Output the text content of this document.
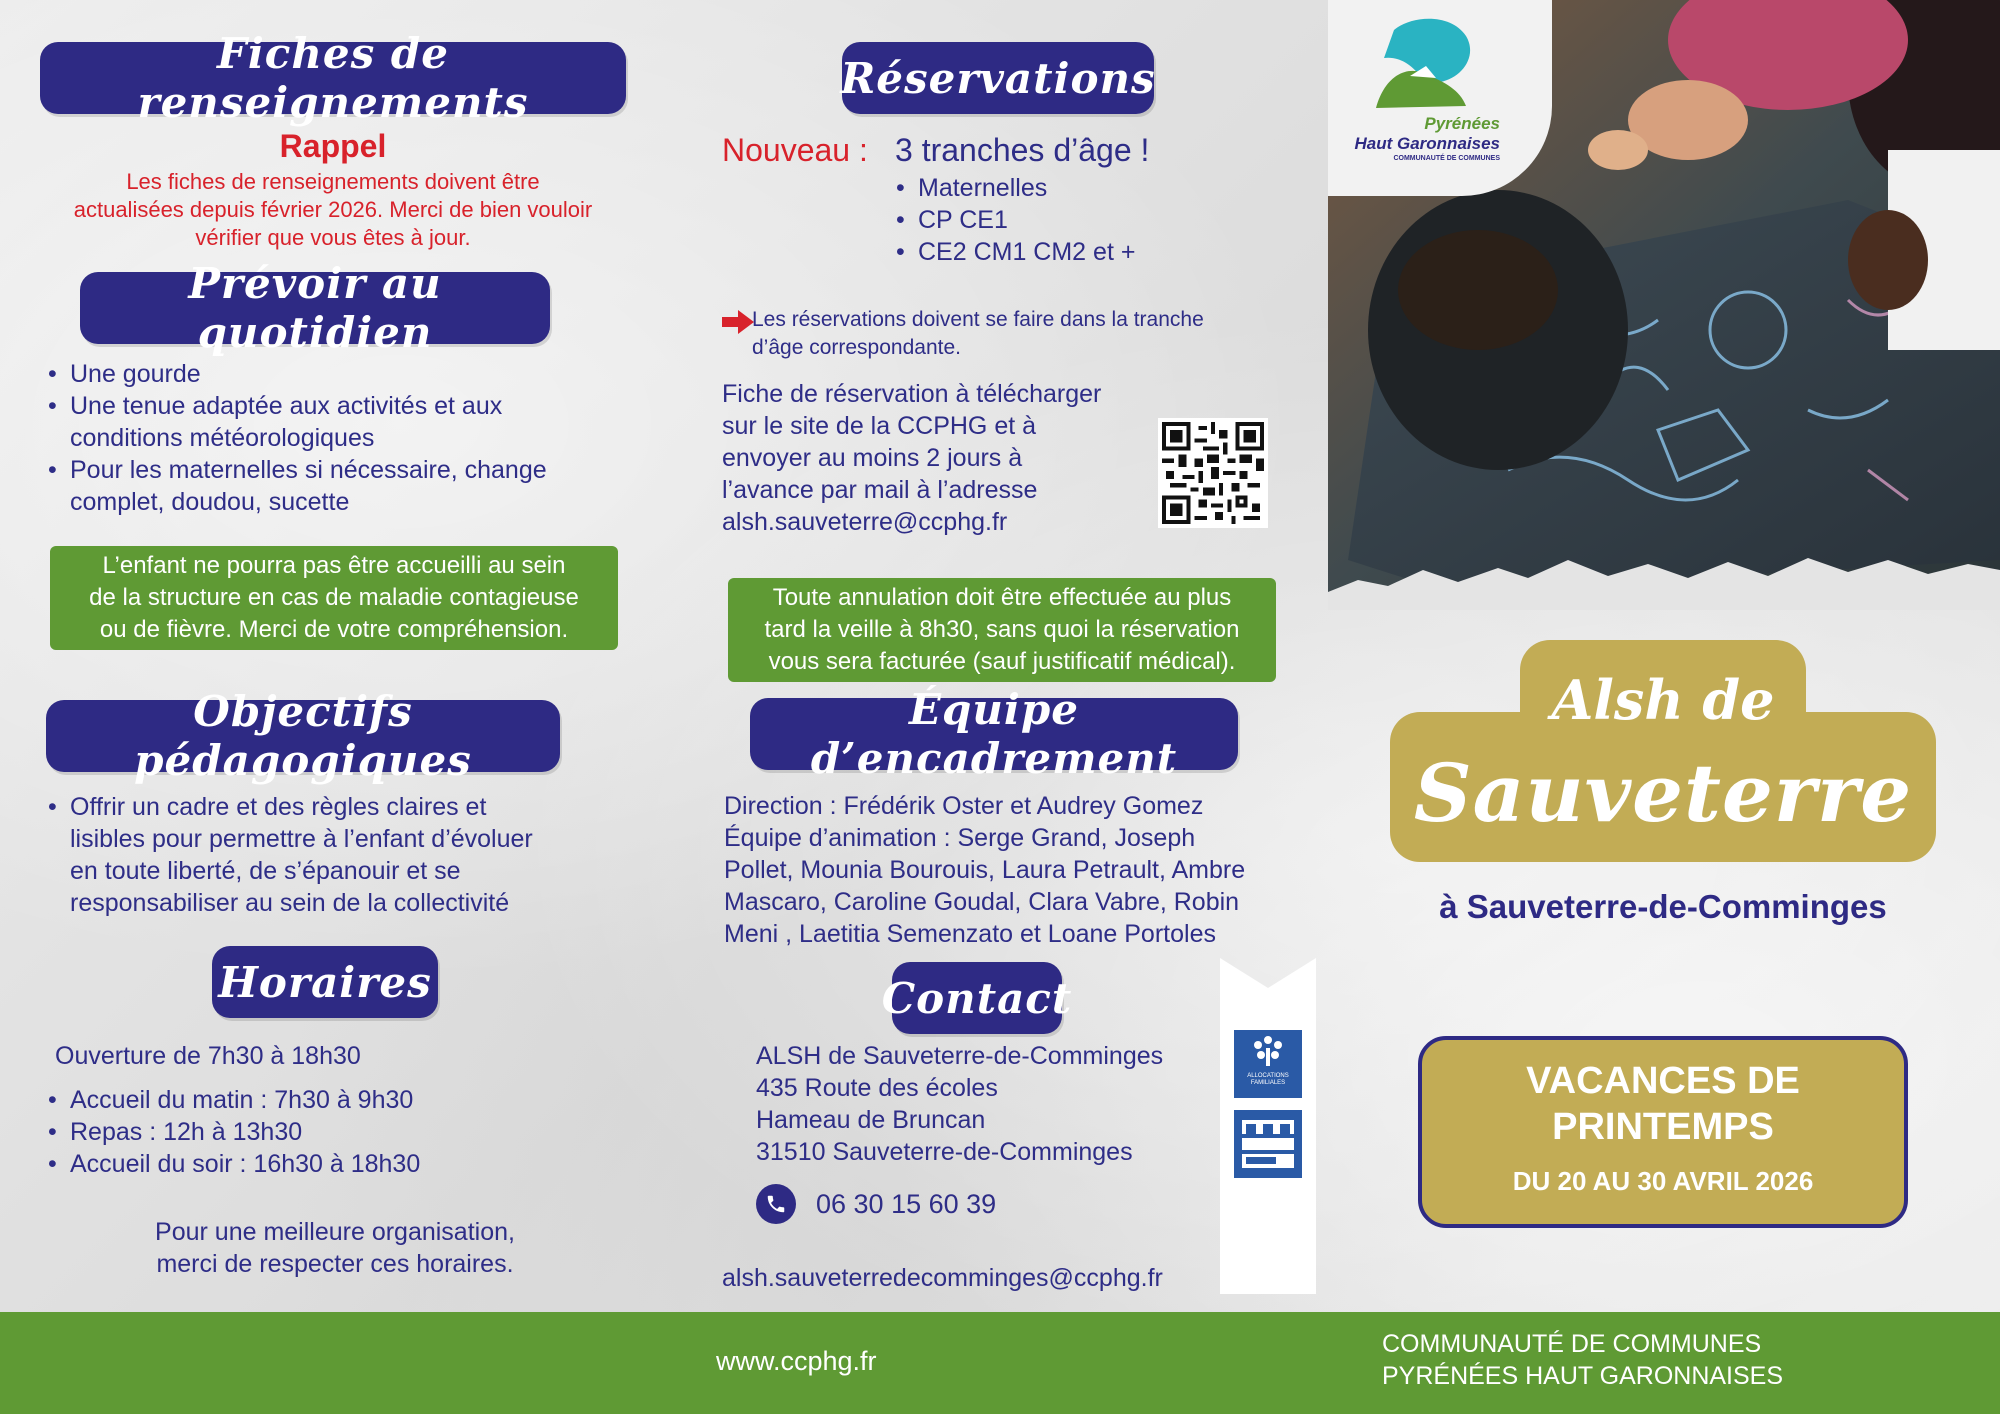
Fiches de renseignements
Rappel
Les fiches de renseignements doivent être
actualisées depuis février 2026. Merci de bien vouloir
vérifier que vous êtes à jour.
Prévoir au quotidien
• Une gourde
• Une tenue adaptée aux activités et aux
conditions météorologiques
• Pour les maternelles si nécessaire, change
complet, doudou, sucette
L’enfant ne pourra pas être accueilli au sein
de la structure en cas de maladie contagieuse
ou de fièvre. Merci de votre compréhension.
Objectifs pédagogiques
• Offrir un cadre et des règles claires et
lisibles pour permettre à l’enfant d’évoluer
en toute liberté, de s’épanouir et se
responsabiliser au sein de la collectivité
Horaires
Ouverture de 7h30 à 18h30
• Accueil du matin : 7h30 à 9h30
• Repas : 12h à 13h30
• Accueil du soir : 16h30 à 18h30
Pour une meilleure organisation,
merci de respecter ces horaires.
Réservations
Nouveau : 3 tranches d’âge !
• Maternelles
• CP CE1
• CE2 CM1 CM2 et +
Les réservations doivent se faire dans la tranche
d’âge correspondante.
Fiche de réservation à télécharger
sur le site de la CCPHG et à
envoyer au moins 2 jours à
l’avance par mail à l’adresse
alsh.sauveterre@ccphg.fr
Toute annulation doit être effectuée au plus
tard la veille à 8h30, sans quoi la réservation
vous sera facturée (sauf justificatif médical).
Équipe d’encadrement
Direction : Frédérik Oster et Audrey Gomez
Équipe d’animation : Serge Grand, Joseph
Pollet, Mounia Bourouis, Laura Petrault, Ambre
Mascaro, Caroline Goudal, Clara Vabre, Robin
Meni , Laetitia Semenzato et Loane Portoles
Contact
ALSH de Sauveterre-de-Comminges
435 Route des écoles
Hameau de Bruncan
31510 Sauveterre-de-Comminges
06 30 15 60 39
alsh.sauveterredecomminges@ccphg.fr
ALLOCATIONS FAMILIALES
Pyrénées
Haut Garonnaises
COMMUNAUTÉ DE COMMUNES
Alsh de
Sauveterre
à Sauveterre-de-Comminges
VACANCES DE
PRINTEMPS
DU 20 AU 30 AVRIL 2026
www.ccphg.fr
COMMUNAUTÉ DE COMMUNES
PYRÉNÉES HAUT GARONNAISES
